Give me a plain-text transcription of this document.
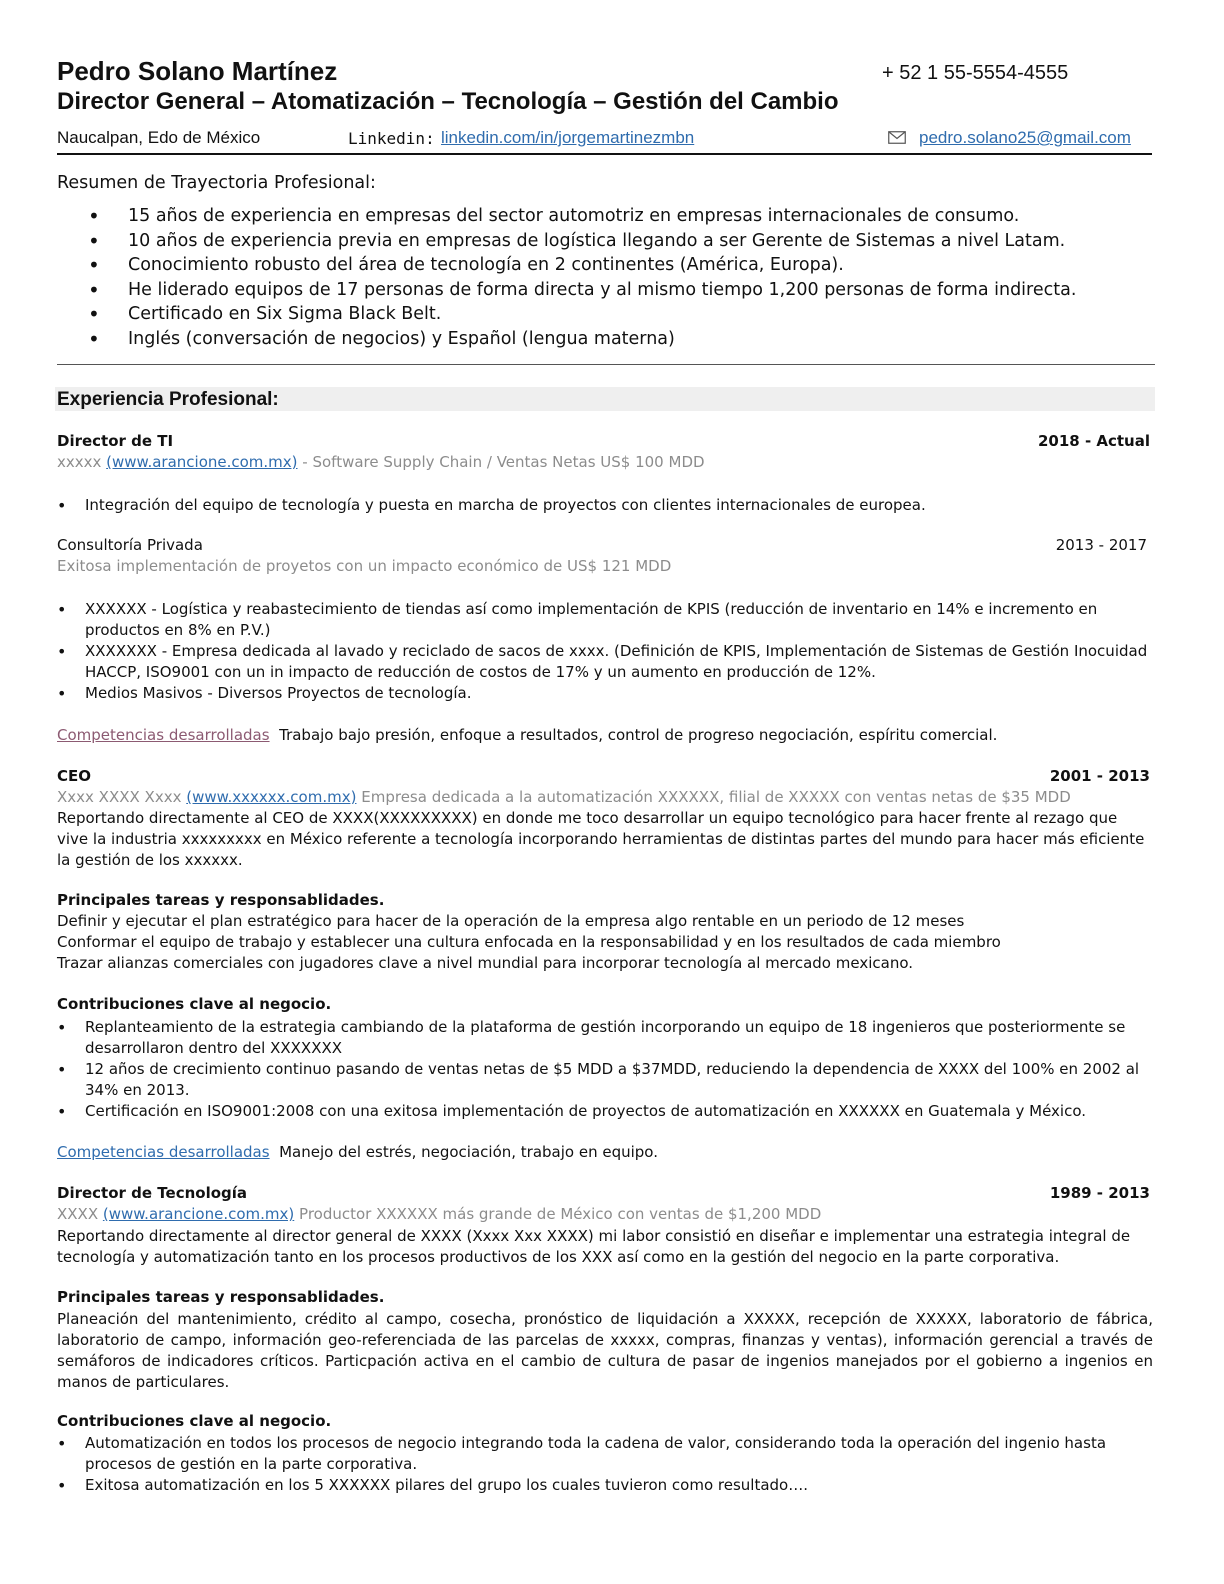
Pedro Solano Martínez	+ 52 1 55-5554-4555
Director General – Atomatización – Tecnología – Gestión del Cambio
Naucalpan, Edo de México	Linkedin: linkedin.com/in/jorgemartinezmbn	pedro.solano25@gmail.com
Resumen de Trayectoria Profesional:
• 15 años de experiencia en empresas del sector automotriz en empresas internacionales de consumo.
• 10 años de experiencia previa en empresas de logística llegando a ser Gerente de Sistemas a nivel Latam.
• Conocimiento robusto del área de tecnología en 2 continentes (América, Europa).
• He liderado equipos de 17 personas de forma directa y al mismo tiempo 1,200 personas de forma indirecta.
• Certificado en Six Sigma Black Belt.
• Inglés (conversación de negocios) y Español (lengua materna)
Experiencia Profesional:
Director de TI	2018 - Actual
xxxxx (www.arancione.com.mx) - Software Supply Chain / Ventas Netas US$ 100 MDD
• Integración del equipo de tecnología y puesta en marcha de proyectos con clientes internacionales de europea.
Consultoría Privada	2013 - 2017
Exitosa implementación de proyetos con un impacto económico de US$ 121 MDD
• XXXXXX - Logística y reabastecimiento de tiendas así como implementación de KPIS (reducción de inventario en 14% e incremento en productos en 8% en P.V.)
• XXXXXXX - Empresa dedicada al lavado y reciclado de sacos de xxxx. (Definición de KPIS, Implementación de Sistemas de Gestión Inocuidad HACCP, ISO9001 con un in impacto de reducción de costos de 17% y un aumento en producción de 12%.
• Medios Masivos - Diversos Proyectos de tecnología.
Competencias desarrolladas Trabajo bajo presión, enfoque a resultados, control de progreso negociación, espíritu comercial.
CEO	2001 - 2013
Xxxx XXXX Xxxx (www.xxxxxx.com.mx) Empresa dedicada a la automatización XXXXXX, filial de XXXXX con ventas netas de $35 MDD

Reportando directamente al CEO de XXXX(XXXXXXXXX) en donde me toco desarrollar un equipo tecnológico para hacer frente al rezago que vive la industria xxxxxxxxx en México referente a tecnología incorporando herramientas de distintas partes del mundo para hacer más eficiente la gestión de los xxxxxx.

Principales tareas y responsablidades.
Definir y ejecutar el plan estratégico para hacer de la operación de la empresa algo rentable en un periodo de 12 meses
Conformar el equipo de trabajo y establecer una cultura enfocada en la responsabilidad y en los resultados de cada miembro
Trazar alianzas comerciales con jugadores clave a nivel mundial para incorporar tecnología al mercado mexicano.
Contribuciones clave al negocio.
• Replanteamiento de la estrategia cambiando de la plataforma de gestión incorporando un equipo de 18 ingenieros que posteriormente se desarrollaron dentro del XXXXXXX
• 12 años de crecimiento continuo pasando de ventas netas de $5 MDD a $37MDD, reduciendo la dependencia de XXXX del 100% en 2002 al 34% en 2013.
• Certificación en ISO9001:2008 con una exitosa implementación de proyectos de automatización en XXXXXX en Guatemala y México.
Competencias desarrolladas Manejo del estrés, negociación, trabajo en equipo.
Director de Tecnología	1989 - 2013
XXXX (www.arancione.com.mx) Productor XXXXXX más grande de México con ventas de $1,200 MDD

Reportando directamente al director general de XXXX (Xxxx Xxx XXXX) mi labor consistió en diseñar e implementar una estrategia integral de tecnología y automatización tanto en los procesos productivos de los XXX así como en la gestión del negocio en la parte corporativa.

Principales tareas y responsablidades.

Planeación del mantenimiento, crédito al campo, cosecha, pronóstico de liquidación a XXXXX, recepción de XXXXX, laboratorio de fábrica, laboratorio de campo, información geo-referenciada de las parcelas de xxxxx, compras, finanzas y ventas), información gerencial a través de semáforos de indicadores críticos. Particpación activa en el cambio de cultura de pasar de ingenios manejados por el gobierno a ingenios en manos de particulares.

Contribuciones clave al negocio.
• Automatización en todos los procesos de negocio integrando toda la cadena de valor, considerando toda la operación del ingenio hasta procesos de gestión en la parte corporativa.
• Exitosa automatización en los 5 XXXXXX pilares del grupo los cuales tuvieron como resultado….
